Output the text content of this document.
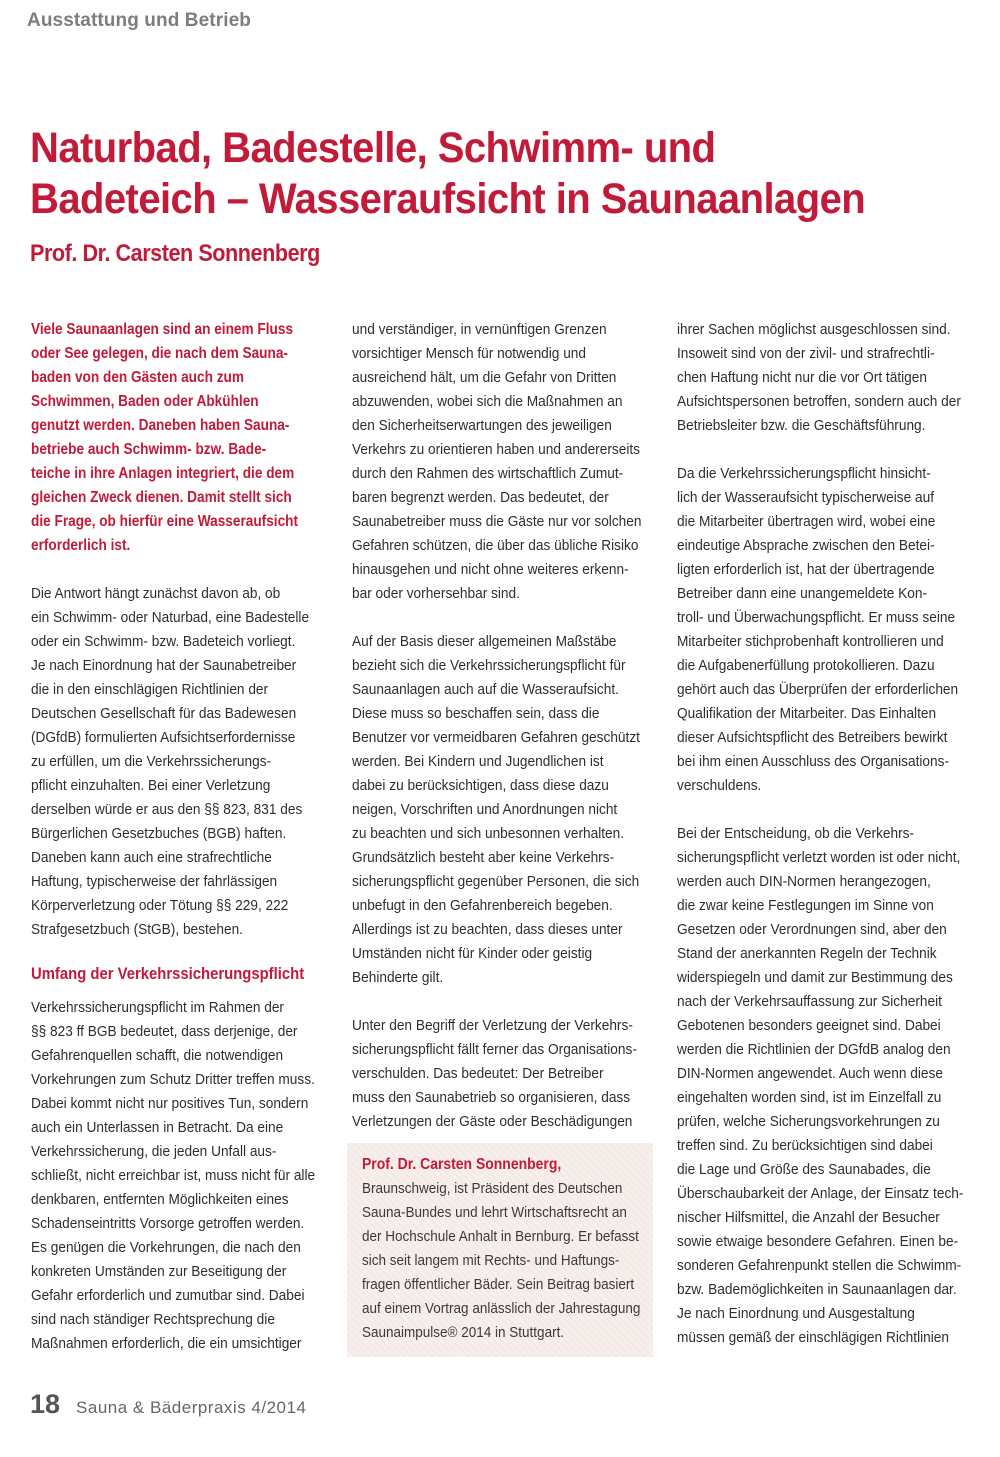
Ausstattung und Betrieb
Naturbad, Badestelle, Schwimm- und
Badeteich – Wasseraufsicht in Saunaanlagen
Prof. Dr. Carsten Sonnenberg
Viele Saunaanlagen sind an einem Fluss
oder See gelegen, die nach dem Sauna-
baden von den Gästen auch zum
Schwimmen, Baden oder Abkühlen
genutzt werden. Daneben haben Sauna-
betriebe auch Schwimm- bzw. Bade-
teiche in ihre Anlagen integriert, die dem
gleichen Zweck dienen. Damit stellt sich
die Frage, ob hierfür eine Wasseraufsicht
erforderlich ist.
Die Antwort hängt zunächst davon ab, ob
ein Schwimm- oder Naturbad, eine Badestelle
oder ein Schwimm- bzw. Badeteich vorliegt.
Je nach Einordnung hat der Saunabetreiber
die in den einschlägigen Richtlinien der
Deutschen Gesellschaft für das Badewesen
(DGfdB) formulierten Aufsichtserfordernisse
zu erfüllen, um die Verkehrssicherungs-
pflicht einzuhalten. Bei einer Verletzung
derselben würde er aus den §§ 823, 831 des
Bürgerlichen Gesetzbuches (BGB) haften.
Daneben kann auch eine strafrechtliche
Haftung, typischerweise der fahrlässigen
Körperverletzung oder Tötung §§ 229, 222
Strafgesetzbuch (StGB), bestehen.
Umfang der Verkehrssicherungspflicht
Verkehrssicherungspflicht im Rahmen der
§§ 823 ff BGB bedeutet, dass derjenige, der
Gefahrenquellen schafft, die notwendigen
Vorkehrungen zum Schutz Dritter treffen muss.
Dabei kommt nicht nur positives Tun, sondern
auch ein Unterlassen in Betracht. Da eine
Verkehrssicherung, die jeden Unfall aus-
schließt, nicht erreichbar ist, muss nicht für alle
denkbaren, entfernten Möglichkeiten eines
Schadenseintritts Vorsorge getroffen werden.
Es genügen die Vorkehrungen, die nach den
konkreten Umständen zur Beseitigung der
Gefahr erforderlich und zumutbar sind. Dabei
sind nach ständiger Rechtsprechung die
Maßnahmen erforderlich, die ein umsichtiger
und verständiger, in vernünftigen Grenzen
vorsichtiger Mensch für notwendig und
ausreichend hält, um die Gefahr von Dritten
abzuwenden, wobei sich die Maßnahmen an
den Sicherheitserwartungen des jeweiligen
Verkehrs zu orientieren haben und andererseits
durch den Rahmen des wirtschaftlich Zumut-
baren begrenzt werden. Das bedeutet, der
Saunabetreiber muss die Gäste nur vor solchen
Gefahren schützen, die über das übliche Risiko
hinausgehen und nicht ohne weiteres erkenn-
bar oder vorhersehbar sind.
Auf der Basis dieser allgemeinen Maßstäbe
bezieht sich die Verkehrssicherungspflicht für
Saunaanlagen auch auf die Wasseraufsicht.
Diese muss so beschaffen sein, dass die
Benutzer vor vermeidbaren Gefahren geschützt
werden. Bei Kindern und Jugendlichen ist
dabei zu berücksichtigen, dass diese dazu
neigen, Vorschriften und Anordnungen nicht
zu beachten und sich unbesonnen verhalten.
Grundsätzlich besteht aber keine Verkehrs-
sicherungspflicht gegenüber Personen, die sich
unbefugt in den Gefahrenbereich begeben.
Allerdings ist zu beachten, dass dieses unter
Umständen nicht für Kinder oder geistig
Behinderte gilt.
Unter den Begriff der Verletzung der Verkehrs-
sicherungspflicht fällt ferner das Organisations-
verschulden. Das bedeutet: Der Betreiber
muss den Saunabetrieb so organisieren, dass
Verletzungen der Gäste oder Beschädigungen
Prof. Dr. Carsten Sonnenberg,
Braunschweig, ist Präsident des Deutschen
Sauna-Bundes und lehrt Wirtschaftsrecht an
der Hochschule Anhalt in Bernburg. Er befasst
sich seit langem mit Rechts- und Haftungs-
fragen öffentlicher Bäder. Sein Beitrag basiert
auf einem Vortrag anlässlich der Jahrestagung
Saunaimpulse® 2014 in Stuttgart.
ihrer Sachen möglichst ausgeschlossen sind.
Insoweit sind von der zivil- und strafrechtli-
chen Haftung nicht nur die vor Ort tätigen
Aufsichtspersonen betroffen, sondern auch der
Betriebsleiter bzw. die Geschäftsführung.
Da die Verkehrssicherungspflicht hinsicht-
lich der Wasseraufsicht typischerweise auf
die Mitarbeiter übertragen wird, wobei eine
eindeutige Absprache zwischen den Betei-
ligten erforderlich ist, hat der übertragende
Betreiber dann eine unangemeldete Kon-
troll- und Überwachungspflicht. Er muss seine
Mitarbeiter stichprobenhaft kontrollieren und
die Aufgabenerfüllung protokollieren. Dazu
gehört auch das Überprüfen der erforderlichen
Qualifikation der Mitarbeiter. Das Einhalten
dieser Aufsichtspflicht des Betreibers bewirkt
bei ihm einen Ausschluss des Organisations-
verschuldens.
Bei der Entscheidung, ob die Verkehrs-
sicherungspflicht verletzt worden ist oder nicht,
werden auch DIN-Normen herangezogen,
die zwar keine Festlegungen im Sinne von
Gesetzen oder Verordnungen sind, aber den
Stand der anerkannten Regeln der Technik
widerspiegeln und damit zur Bestimmung des
nach der Verkehrsauffassung zur Sicherheit
Gebotenen besonders geeignet sind. Dabei
werden die Richtlinien der DGfdB analog den
DIN-Normen angewendet. Auch wenn diese
eingehalten worden sind, ist im Einzelfall zu
prüfen, welche Sicherungsvorkehrungen zu
treffen sind. Zu berücksichtigen sind dabei
die Lage und Größe des Saunabades, die
Überschaubarkeit der Anlage, der Einsatz tech-
nischer Hilfsmittel, die Anzahl der Besucher
sowie etwaige besondere Gefahren. Einen be-
sonderen Gefahrenpunkt stellen die Schwimm-
bzw. Bademöglichkeiten in Saunaanlagen dar.
Je nach Einordnung und Ausgestaltung
müssen gemäß der einschlägigen Richtlinien
18 Sauna & Bäderpraxis 4/2014
